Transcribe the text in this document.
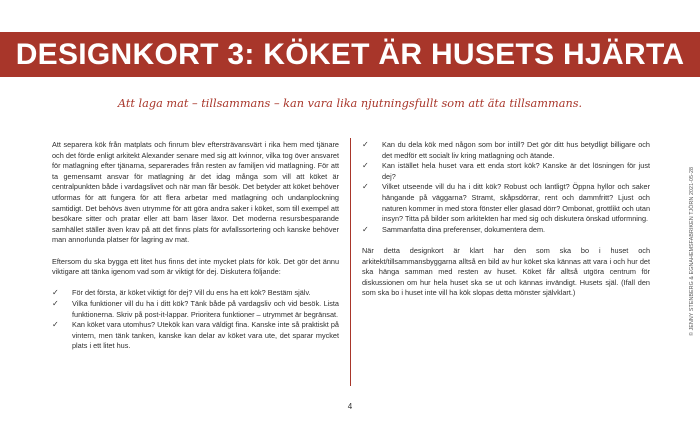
DESIGNKORT 3: KÖKET ÄR HUSETS HJÄRTA
Att laga mat – tillsammans – kan vara lika njutningsfullt som att äta tillsammans.

Att separera kök från matplats och finrum blev eftersträvansvärt i rika hem med tjänare och det förde enligt arkitekt Alexander senare med sig att kvinnor, vilka tog över ansvaret för matlagning efter tjänarna, separerades från resten av familjen vid matlagning. För att ta gemensamt ansvar för matlagning är det idag många som vill att köket är centralpunkten både i vardagslivet och när man får besök. Det betyder att köket behöver utformas för att fungera för att flera arbetar med matlagning och undanplockning samtidigt. Det behövs även utrymme för att göra andra saker i köket, som till exempel att besökare sitter och pratar eller att barn läser läxor. Det moderna resursbesparande samhället ställer även krav på att det finns plats för avfallssortering och kanske behöver man annorlunda platser för lagring av mat.

Eftersom du ska bygga ett litet hus finns det inte mycket plats för kök. Det gör det ännu viktigare att tänka igenom vad som är viktigt för dej. Diskutera följande:

✓ För det första, är köket viktigt för dej? Vill du ens ha ett kök? Bestäm själv.
✓ Vilka funktioner vill du ha i ditt kök? Tänk både på vardagsliv och vid besök. Lista funktionerna. Skriv på post-it-lappar. Prioritera funktioner – utrymmet är begränsat.
✓ Kan köket vara utomhus? Utekök kan vara väldigt fina. Kanske inte så praktiskt på vintern, men tänk tanken, kanske kan delar av köket vara ute, det sparar mycket plats i ett litet hus.
✓ Kan du dela kök med någon som bor intill? Det gör ditt hus betydligt billigare och det medför ett socialt liv kring matlagning och ätande.
✓ Kan istället hela huset vara ett enda stort kök? Kanske är det lösningen för just dej?
✓ Vilket utseende vill du ha i ditt kök? Robust och lantligt? Öppna hyllor och saker hängande på väggarna? Stramt, skåpsdörrar, rent och dammfritt? Ljust och naturen kommer in med stora fönster eller glasad dörr? Ombonat, grottlikt och utan insyn? Titta på bilder som arkitekten har med sig och diskutera önskad utformning.
✓ Sammanfatta dina preferenser, dokumentera dem.

När detta designkort är klart har den som ska bo i huset och arkitekt/tillsammansbyggarna alltså en bild av hur köket ska kännas att vara i och hur det ska hänga samman med resten av huset. Köket får alltså utgöra centrum för diskussionen om hur hela huset ska se ut och kännas invändigt. Husets själ. (Ifall den som ska bo i huset inte vill ha kök slopas detta mönster självklart.)

4
© JENNY STENBERG & EGNAHEMSFABRIKEN TJÖRN 2021-05-28
